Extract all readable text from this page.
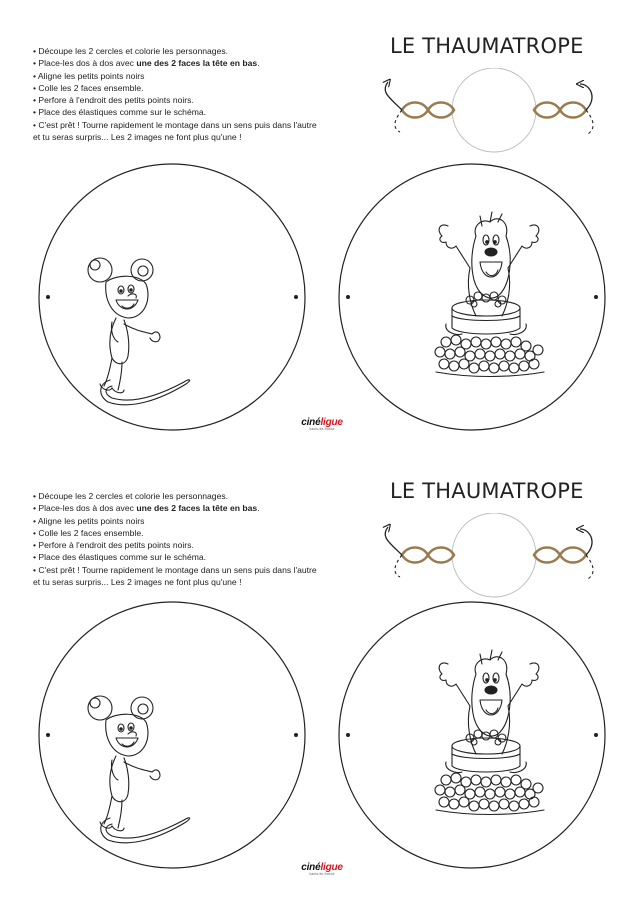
LE THAUMATROPE
• Découpe les 2 cercles et colorie les personnages.
• Place-les dos à dos avec une des 2 faces la tête en bas.
• Aligne les petits points noirs
• Colle les 2 faces ensemble.
• Perfore à l'endroit des petits points noirs.
• Place des élastiques comme sur le schéma.
• C'est prêt ! Tourne rapidement le montage dans un sens puis dans l'autre
et tu seras surpris... Les 2 images ne font plus qu'une !
cinéligue
hauts-de-france
LE THAUMATROPE
• Découpe les 2 cercles et colorie les personnages.
• Place-les dos à dos avec une des 2 faces la tête en bas.
• Aligne les petits points noirs
• Colle les 2 faces ensemble.
• Perfore à l'endroit des petits points noirs.
• Place des élastiques comme sur le schéma.
• C'est prêt ! Tourne rapidement le montage dans un sens puis dans l'autre
et tu seras surpris... Les 2 images ne font plus qu'une !
cinéligue
hauts-de-france
